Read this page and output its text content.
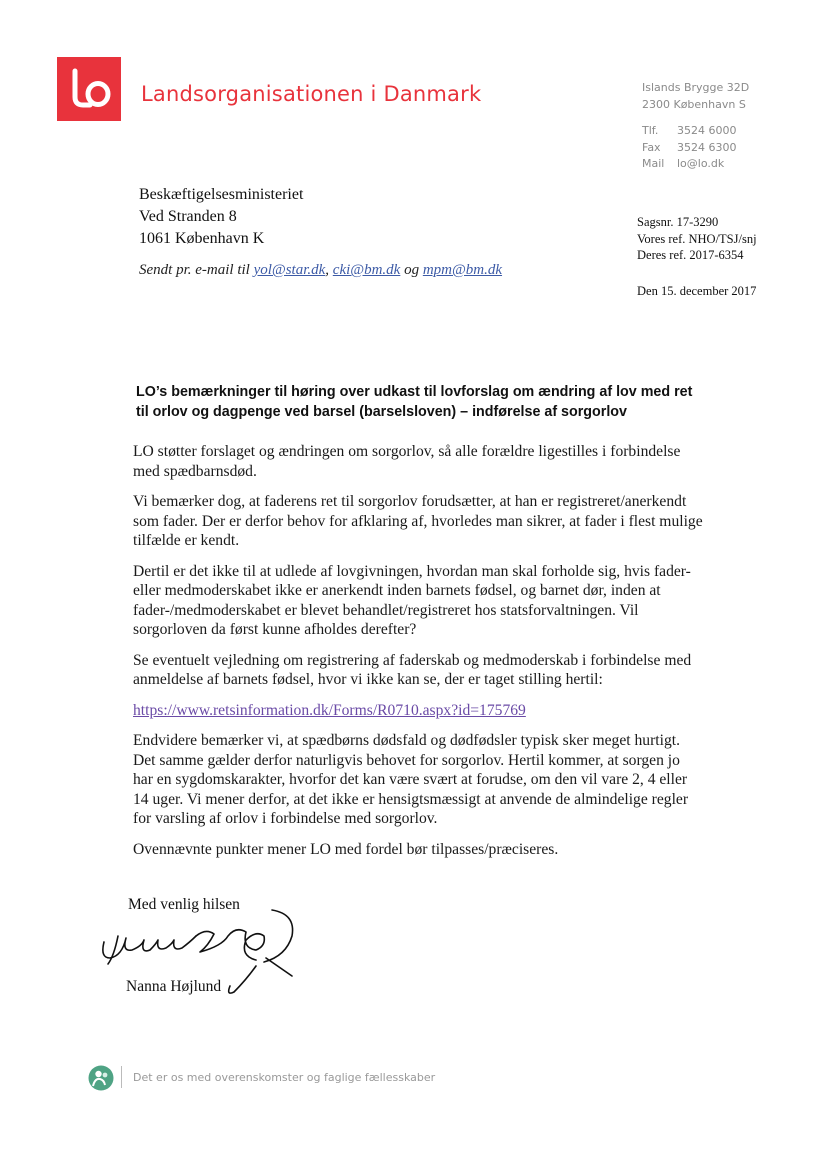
Landsorganisationen i Danmark	Islands Brygge 32D
2300 København S
Tlf. 3524 6000
Fax 3524 6300
Mail lo@lo.dk
Beskæftigelsesministeriet
Ved Stranden 8
1061 København K
Sendt pr. e-mail til yol@star.dk, cki@bm.dk og mpm@bm.dk
Sagsnr. 17-3290
Vores ref. NHO/TSJ/snj
Deres ref. 2017-6354
Den 15. december 2017
LO’s bemærkninger til høring over udkast til lovforslag om ændring af lov med ret til orlov og dagpenge ved barsel (barselsloven) – indførelse af sorgorlov

LO støtter forslaget og ændringen om sorgorlov, så alle forældre ligestilles i forbindelse med spædbarnsdød.

Vi bemærker dog, at faderens ret til sorgorlov forudsætter, at han er registreret/anerkendt som fader. Der er derfor behov for afklaring af, hvorledes man sikrer, at fader i flest mulige tilfælde er kendt.

Dertil er det ikke til at udlede af lovgivningen, hvordan man skal forholde sig, hvis fader- eller medmoderskabet ikke er anerkendt inden barnets fødsel, og barnet dør, inden at fader-/medmoderskabet er blevet behandlet/registreret hos statsforvaltningen. Vil sorgorloven da først kunne afholdes derefter?

Se eventuelt vejledning om registrering af faderskab og medmoderskab i forbindelse med anmeldelse af barnets fødsel, hvor vi ikke kan se, der er taget stilling hertil:

https://www.retsinformation.dk/Forms/R0710.aspx?id=175769

Endvidere bemærker vi, at spædbørns dødsfald og dødfødsler typisk sker meget hurtigt. Det samme gælder derfor naturligvis behovet for sorgorlov. Hertil kommer, at sorgen jo har en sygdomskarakter, hvorfor det kan være svært at forudse, om den vil vare 2, 4 eller 14 uger. Vi mener derfor, at det ikke er hensigtsmæssigt at anvende de almindelige regler for varsling af orlov i forbindelse med sorgorlov.

Ovennævnte punkter mener LO med fordel bør tilpasses/præciseres.

Med venlig hilsen
Nanna Højlund
Det er os med overenskomster og faglige fællesskaber
